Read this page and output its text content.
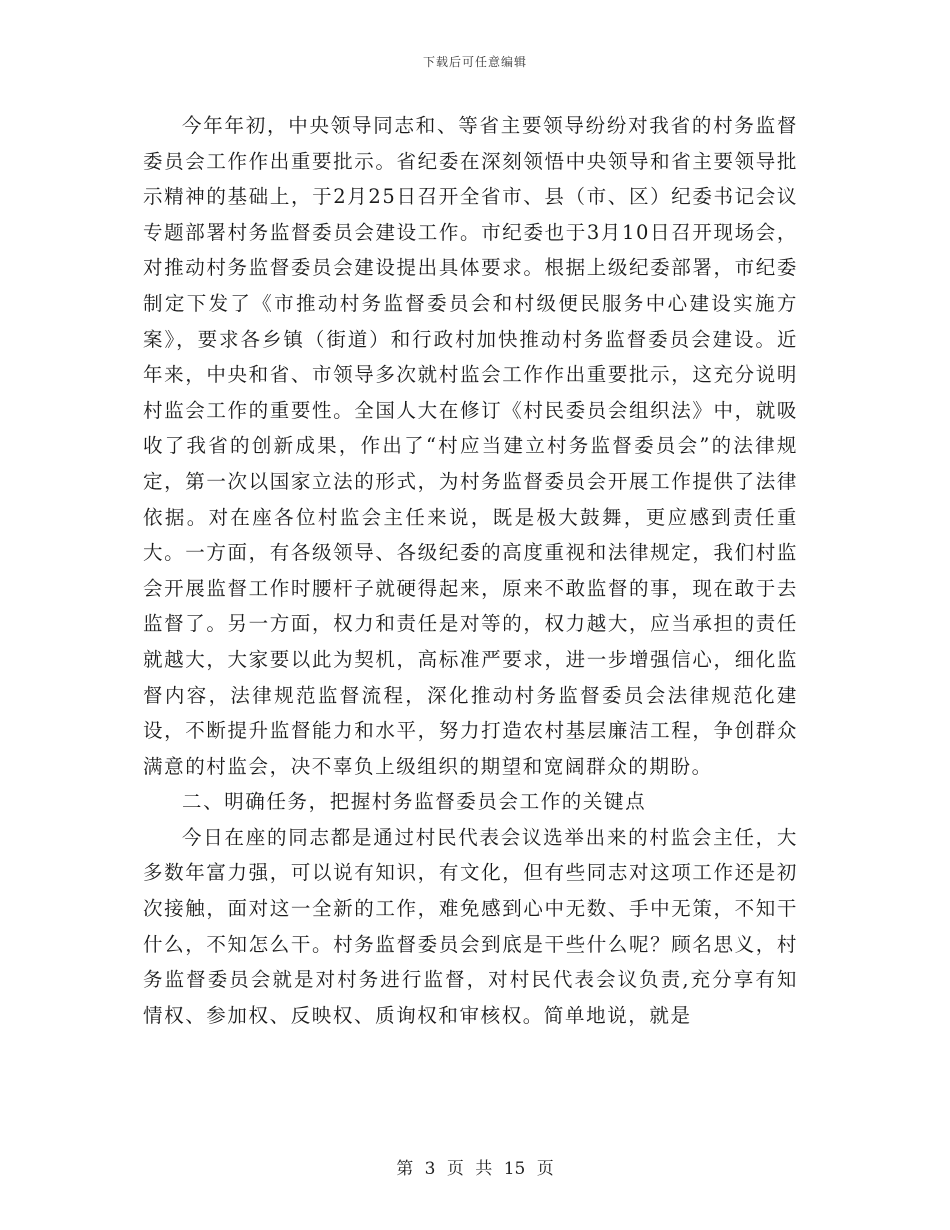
下载后可任意编辑

今年年初，中央领导同志和、等省主要领导纷纷对我省的村务监督委员会工作作出重要批示。省纪委在深刻领悟中央领导和省主要领导批示精神的基础上，于2月25日召开全省市、县（市、区）纪委书记会议专题部署村务监督委员会建设工作。市纪委也于3月10日召开现场会，对推动村务监督委员会建设提出具体要求。根据上级纪委部署，市纪委制定下发了《市推动村务监督委员会和村级便民服务中心建设实施方案》，要求各乡镇（街道）和行政村加快推动村务监督委员会建设。近年来，中央和省、市领导多次就村监会工作作出重要批示，这充分说明村监会工作的重要性。全国人大在修订《村民委员会组织法》中，就吸收了我省的创新成果，作出了“村应当建立村务监督委员会”的法律规定，第一次以国家立法的形式，为村务监督委员会开展工作提供了法律依据。对在座各位村监会主任来说，既是极大鼓舞，更应感到责任重大。一方面，有各级领导、各级纪委的高度重视和法律规定，我们村监会开展监督工作时腰杆子就硬得起来，原来不敢监督的事，现在敢于去监督了。另一方面，权力和责任是对等的，权力越大，应当承担的责任就越大，大家要以此为契机，高标准严要求，进一步增强信心，细化监督内容，法律规范监督流程，深化推动村务监督委员会法律规范化建设，不断提升监督能力和水平，努力打造农村基层廉洁工程，争创群众满意的村监会，决不辜负上级组织的期望和宽阔群众的期盼。

二、明确任务，把握村务监督委员会工作的关键点

今日在座的同志都是通过村民代表会议选举出来的村监会主任，大多数年富力强，可以说有知识，有文化，但有些同志对这项工作还是初次接触，面对这一全新的工作，难免感到心中无数、手中无策，不知干什么，不知怎么干。村务监督委员会到底是干些什么呢？顾名思义，村务监督委员会就是对村务进行监督，对村民代表会议负责,充分享有知情权、参加权、反映权、质询权和审核权。简单地说，就是

第 3 页 共 15 页
